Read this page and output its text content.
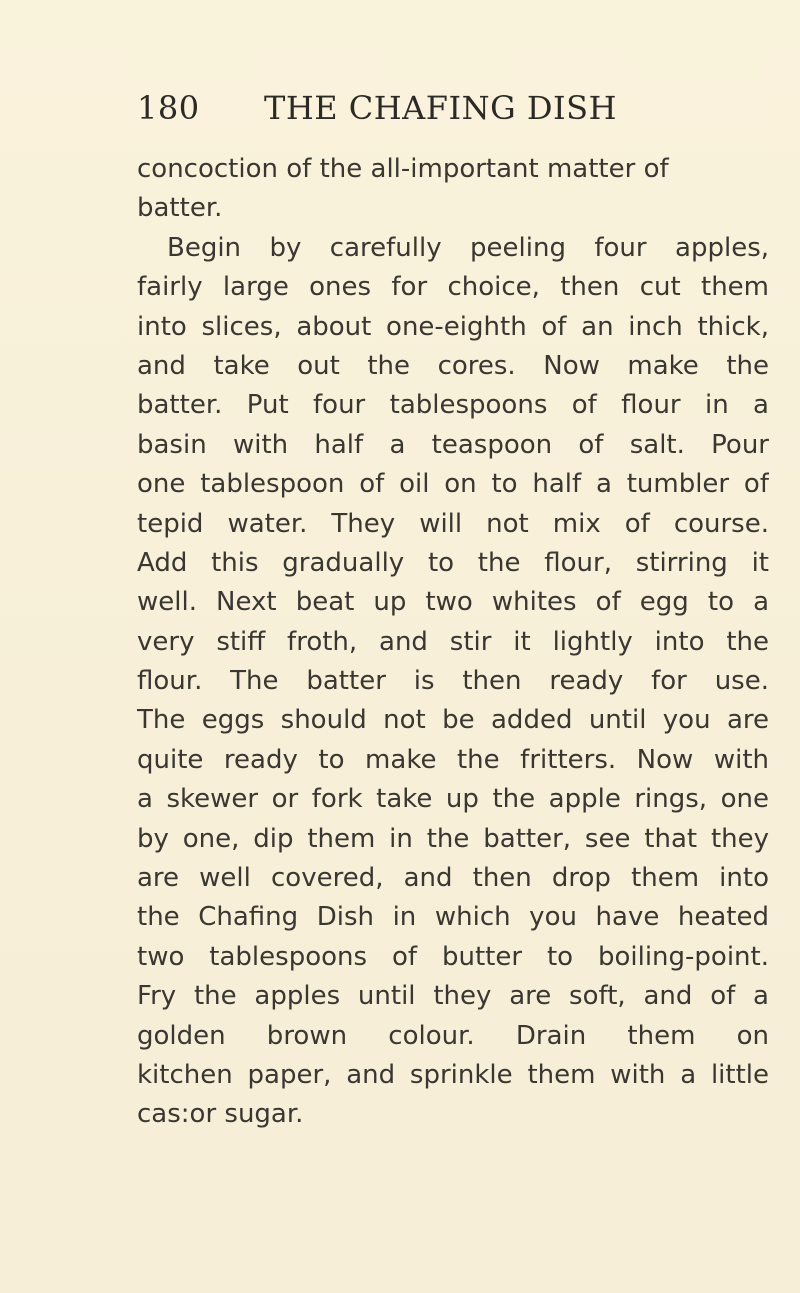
180 THE CHAFING DISH
concoction of the all-important matter of
batter.
Begin by carefully peeling four apples,
fairly large ones for choice, then cut them
into slices, about one-eighth of an inch thick,
and take out the cores. Now make the
batter. Put four tablespoons of flour in a
basin with half a teaspoon of salt. Pour
one tablespoon of oil on to half a tumbler of
tepid water. They will not mix of course.
Add this gradually to the flour, stirring it
well. Next beat up two whites of egg to a
very stiff froth, and stir it lightly into the
flour. The batter is then ready for use.
The eggs should not be added until you are
quite ready to make the fritters. Now with
a skewer or fork take up the apple rings, one
by one, dip them in the batter, see that they
are well covered, and then drop them into
the Chafing Dish in which you have heated
two tablespoons of butter to boiling-point.
Fry the apples until they are soft, and of a
golden brown colour. Drain them on
kitchen paper, and sprinkle them with a little
cas:or sugar.
